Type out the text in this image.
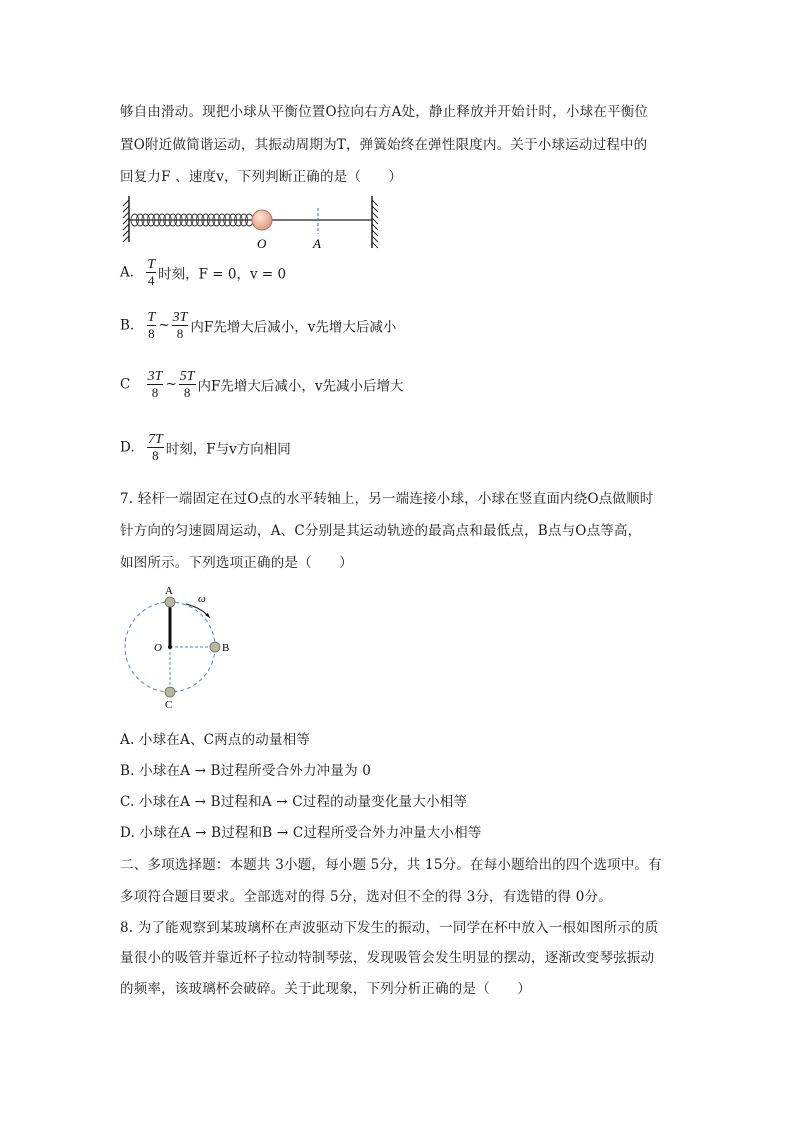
够自由滑动。现把小球从平衡位置O拉向右方A处，静止释放并开始计时，小球在平衡位
置O附近做简谐运动，其振动周期为T，弹簧始终在弹性限度内。关于小球运动过程中的
回复力F 、速度v，下列判断正确的是（　　）
O	A
A. $\frac{T}{4}$ 时刻，F = 0，v = 0
B. $\frac{T}{8}$ ~ $\frac{3T}{8}$ 内F先增大后减小，v先增大后减小
C $\frac{3T}{8}$ ~ $\frac{5T}{8}$ 内F先增大后减小，v先减小后增大
D. $\frac{7T}{8}$ 时刻，F与v方向相同
7. 轻杆一端固定在过O点的水平转轴上，另一端连接小球，小球在竖直面内绕O点做顺时
针方向的匀速圆周运动，A、C分别是其运动轨迹的最高点和最低点，B点与O点等高，
如图所示。下列选项正确的是（　　）
ω
A
B
C
O
A. 小球在A、C两点的动量相等
B. 小球在A → B过程所受合外力冲量为 0
C. 小球在A → B过程和A → C过程的动量变化量大小相等
D. 小球在A → B过程和B → C过程所受合外力冲量大小相等
二、多项选择题：本题共 3小题，每小题 5分，共 15分。在每小题给出的四个选项中。有
多项符合题目要求。全部选对的得 5分，选对但不全的得 3分，有选错的得 0分。
8. 为了能观察到某玻璃杯在声波驱动下发生的振动，一同学在杯中放入一根如图所示的质
量很小的吸管并靠近杯子拉动特制琴弦，发现吸管会发生明显的摆动，逐渐改变琴弦振动
的频率，该玻璃杯会破碎。关于此现象，下列分析正确的是（　　）
